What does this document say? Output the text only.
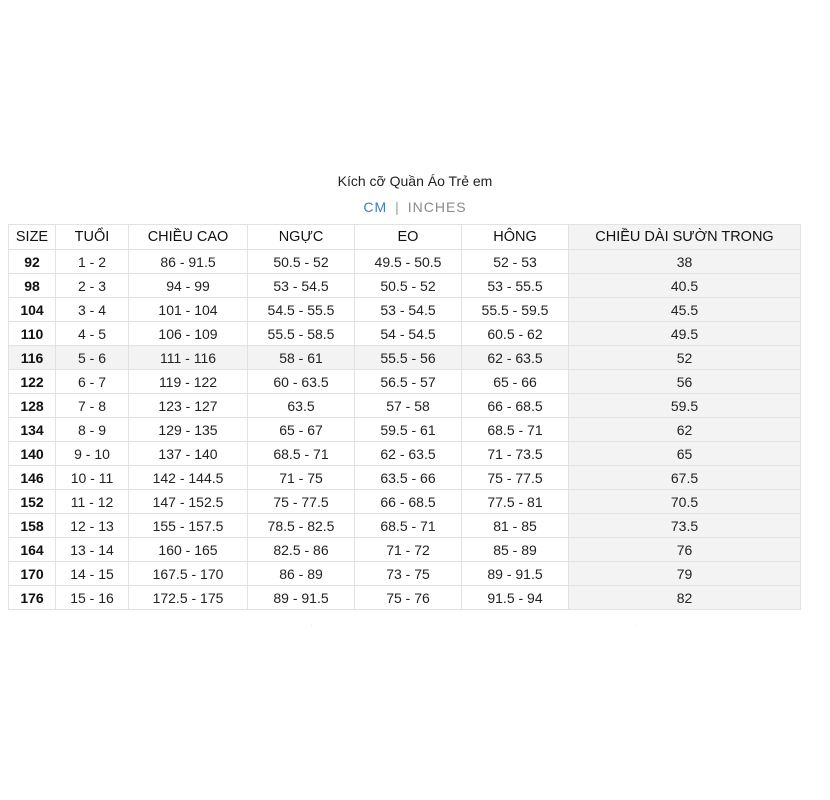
Kích cỡ Quần Áo Trẻ em
CM | INCHES
SIZE	TUỔI	CHIỀU CAO	NGỰC	EO	HÔNG	CHIỀU DÀI SƯỜN TRONG
92	1 - 2	86 - 91.5	50.5 - 52	49.5 - 50.5	52 - 53	38
98	2 - 3	94 - 99	53 - 54.5	50.5 - 52	53 - 55.5	40.5
104	3 - 4	101 - 104	54.5 - 55.5	53 - 54.5	55.5 - 59.5	45.5
110	4 - 5	106 - 109	55.5 - 58.5	54 - 54.5	60.5 - 62	49.5
116	5 - 6	111 - 116	58 - 61	55.5 - 56	62 - 63.5	52
122	6 - 7	119 - 122	60 - 63.5	56.5 - 57	65 - 66	56
128	7 - 8	123 - 127	63.5	57 - 58	66 - 68.5	59.5
134	8 - 9	129 - 135	65 - 67	59.5 - 61	68.5 - 71	62
140	9 - 10	137 - 140	68.5 - 71	62 - 63.5	71 - 73.5	65
146	10 - 11	142 - 144.5	71 - 75	63.5 - 66	75 - 77.5	67.5
152	11 - 12	147 - 152.5	75 - 77.5	66 - 68.5	77.5 - 81	70.5
158	12 - 13	155 - 157.5	78.5 - 82.5	68.5 - 71	81 - 85	73.5
164	13 - 14	160 - 165	82.5 - 86	71 - 72	85 - 89	76
170	14 - 15	167.5 - 170	86 - 89	73 - 75	89 - 91.5	79
176	15 - 16	172.5 - 175	89 - 91.5	75 - 76	91.5 - 94	82
· ·
